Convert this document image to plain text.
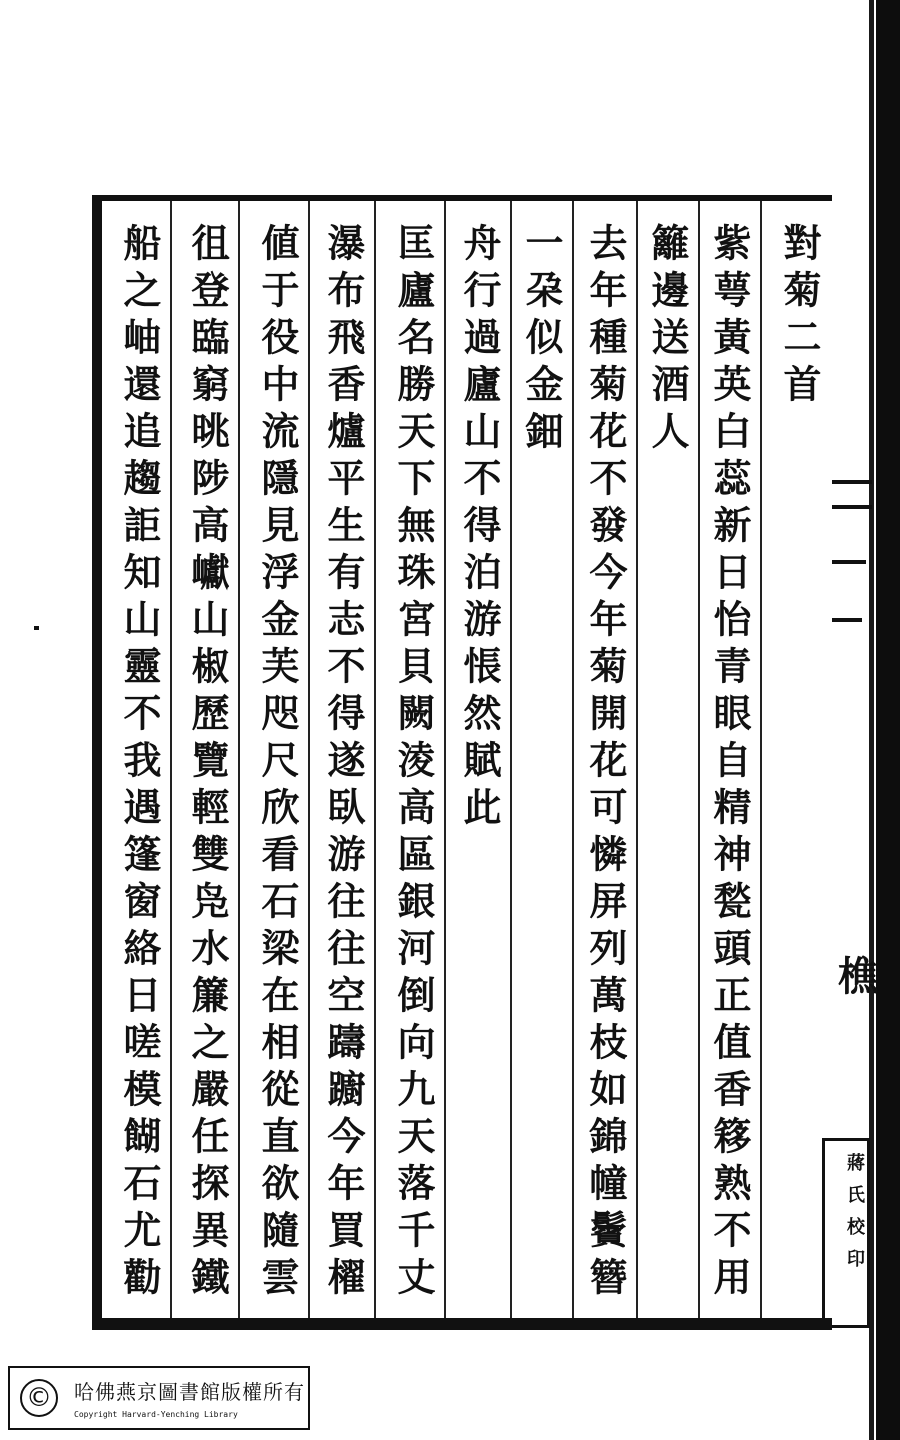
對菊二首
紫萼黃英白蕊新日怡青眼自精神甃頭正值香簃熟不用
籬邊送酒人
去年種菊花不發今年菊開花可憐屏列萬枝如錦幢鬢簪
一朶似金鈿
舟行過廬山不得泊游悵然賦此
匡廬名勝天下無珠宮貝闕淩高區銀河倒向九天落千丈
瀑布飛香爐平生有志不得遂臥游往往空躊躕今年買櫂
値于役中流隱見浮金芙咫尺欣看石梁在相從直欲隨雲
徂登臨窮晀陟高巘山椒歷覽輕雙凫水簾之嚴任探異鐵
船之岫還追趨詎知山靈不我遇篷窗絡日嗟模餬石尤勸	樵
蔣氏校印
©	哈佛燕京圖書館版權所有
Copyright Harvard-Yenching Library
